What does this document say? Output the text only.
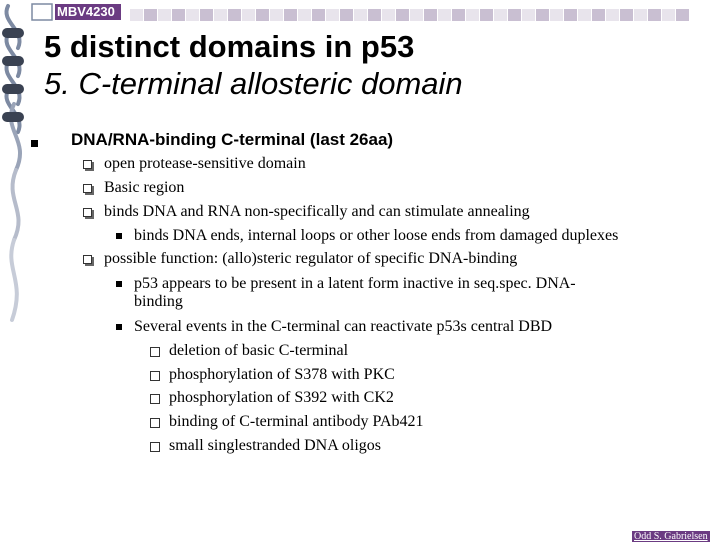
MBV4230
5 distinct domains in p53
5. C-terminal allosteric domain
DNA/RNA-binding C-terminal (last 26aa)
open protease-sensitive domain
Basic region
binds DNA and RNA non-specifically and can stimulate annealing
binds DNA ends, internal loops or other loose ends from damaged duplexes
possible function: (allo)steric regulator of specific DNA-binding
p53 appears to be present in a latent form inactive in seq.spec. DNA-
binding
Several events in the C-terminal can reactivate p53s central DBD
deletion of basic C-terminal
phosphorylation of S378 with PKC
phosphorylation of S392 with CK2
binding of C-terminal antibody PAb421
small singlestranded DNA oligos
Odd S. Gabrielsen
